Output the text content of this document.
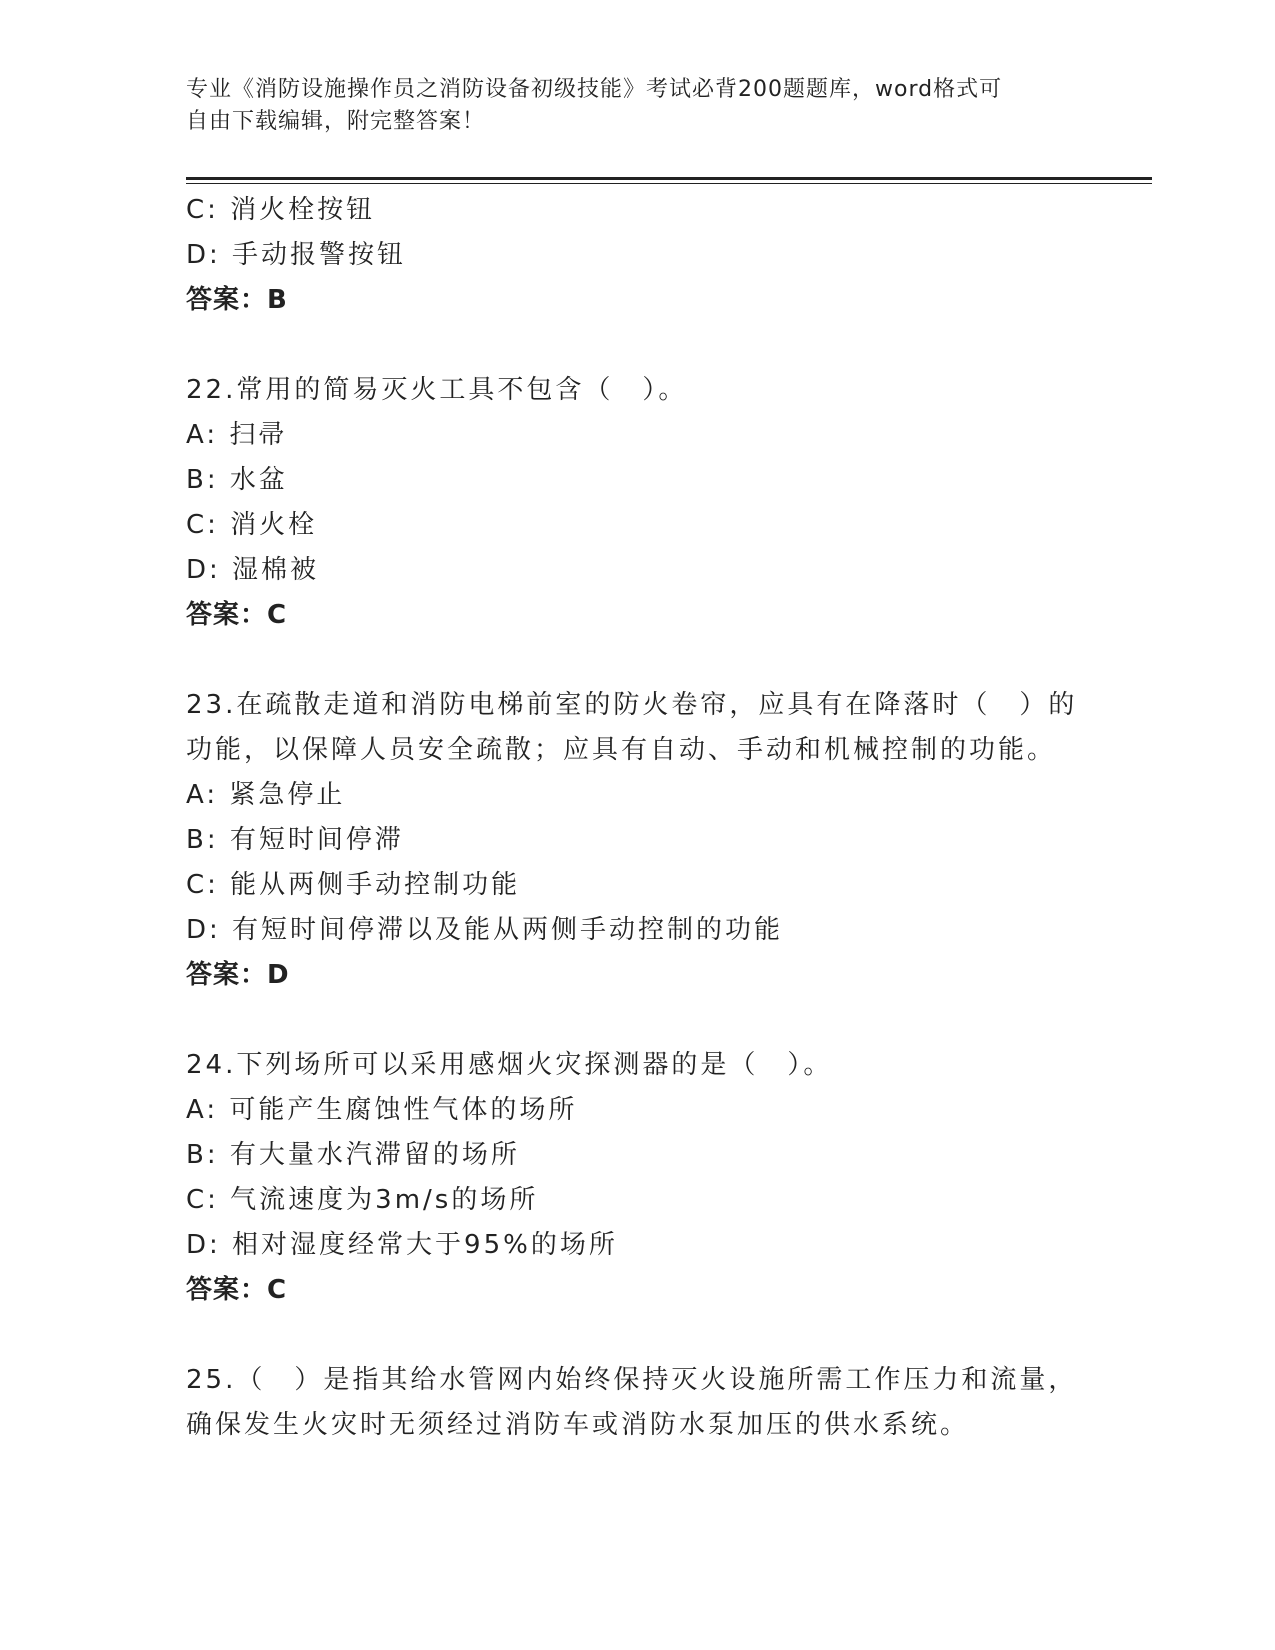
专业《消防设施操作员之消防设备初级技能》考试必背200题题库，word格式可
自由下载编辑，附完整答案！
C: 消火栓按钮
D: 手动报警按钮
答案：B
22.常用的简易灭火工具不包含（　）。
A: 扫帚
B: 水盆
C: 消火栓
D: 湿棉被
答案：C
23.在疏散走道和消防电梯前室的防火卷帘，应具有在降落时（　）的
功能，以保障人员安全疏散；应具有自动、手动和机械控制的功能。
A: 紧急停止
B: 有短时间停滞
C: 能从两侧手动控制功能
D: 有短时间停滞以及能从两侧手动控制的功能
答案：D
24.下列场所可以采用感烟火灾探测器的是（　）。
A: 可能产生腐蚀性气体的场所
B: 有大量水汽滞留的场所
C: 气流速度为3m/s的场所
D: 相对湿度经常大于95%的场所
答案：C
25.（　）是指其给水管网内始终保持灭火设施所需工作压力和流量，
确保发生火灾时无须经过消防车或消防水泵加压的供水系统。
